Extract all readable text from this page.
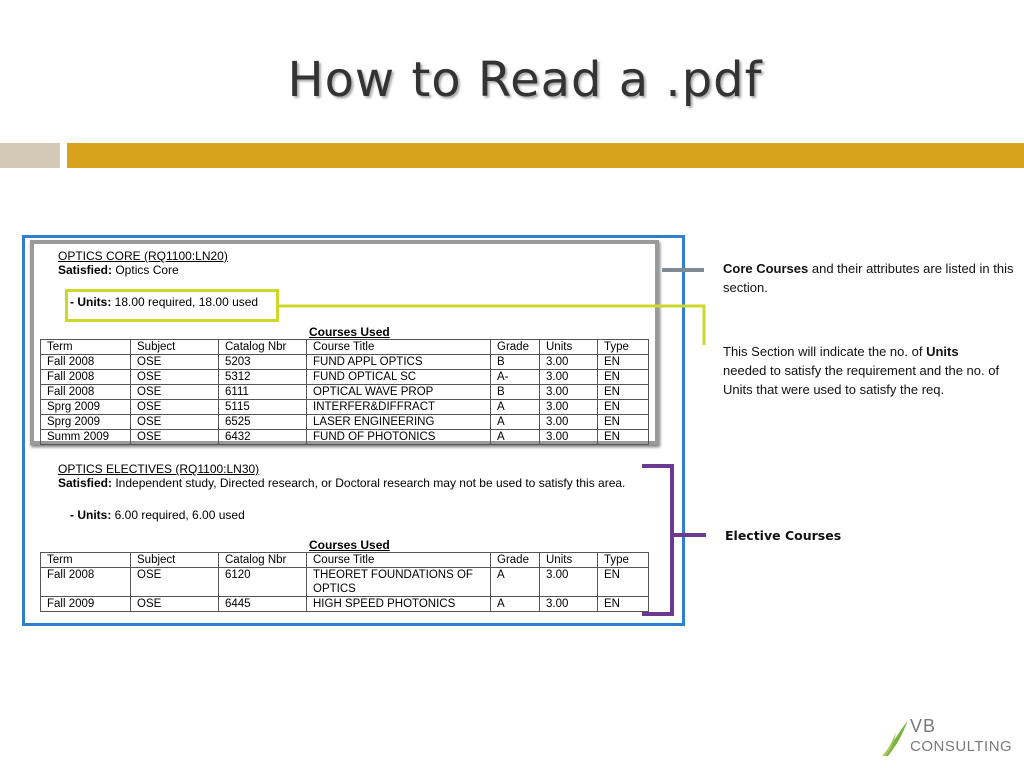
How to Read a .pdf
OPTICS CORE (RQ1100:LN20)
Satisfied: Optics Core
- Units: 18.00 required, 18.00 used
Courses Used
Term	Subject	Catalog Nbr	Course Title	Grade	Units	Type
Fall 2008	OSE	5203	FUND APPL OPTICS	B	3.00	EN
Fall 2008	OSE	5312	FUND OPTICAL SC	A-	3.00	EN
Fall 2008	OSE	6111	OPTICAL WAVE PROP	B	3.00	EN
Sprg 2009	OSE	5115	INTERFER&DIFFRACT	A	3.00	EN
Sprg 2009	OSE	6525	LASER ENGINEERING	A	3.00	EN
Summ 2009	OSE	6432	FUND OF PHOTONICS	A	3.00	EN
OPTICS ELECTIVES (RQ1100:LN30)
Satisfied: Independent study, Directed research, or Doctoral research may not be used to satisfy this area.
- Units: 6.00 required, 6.00 used
Courses Used
Term	Subject	Catalog Nbr	Course Title	Grade	Units	Type
Fall 2008	OSE	6120	THEORET FOUNDATIONS OF OPTICS	A	3.00	EN
Fall 2009	OSE	6445	HIGH SPEED PHOTONICS	A	3.00	EN
Core Courses and their attributes are listed in this section.
This Section will indicate the no. of Units needed to satisfy the requirement and the no. of Units that were used to satisfy the req.
Elective Courses
VB
CONSULTING
